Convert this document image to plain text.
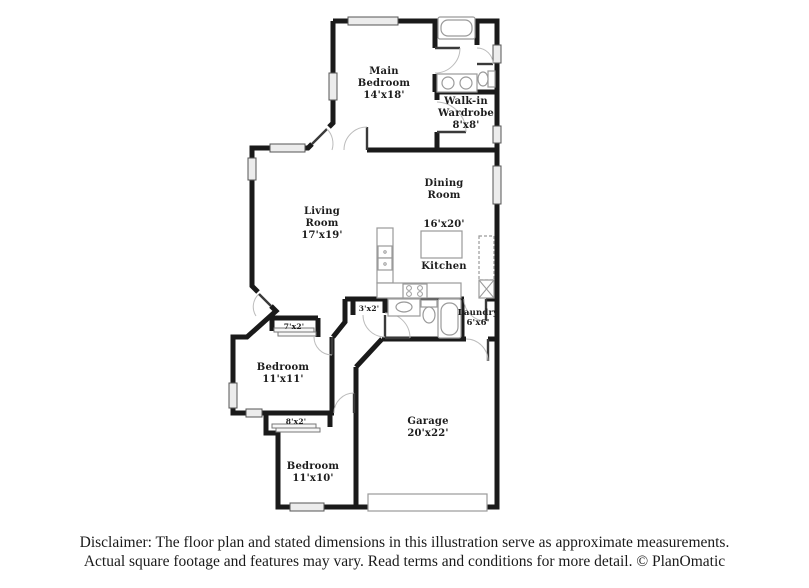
Main
Bedroom
14'x18'
Walk-in
Wardrobe
8'x8'
Dining
Room
16'x20'
Living
Room
17'x19'
Kitchen
Laundry
6'x6'
3'x2'
7'x2'
8'x2'
Bedroom
11'x11'
Bedroom
11'x10'
Garage
20'x22'
Disclaimer: The floor plan and stated dimensions in this illustration serve as approximate measurements.
Actual square footage and features may vary. Read terms and conditions for more detail. © PlanOmatic
